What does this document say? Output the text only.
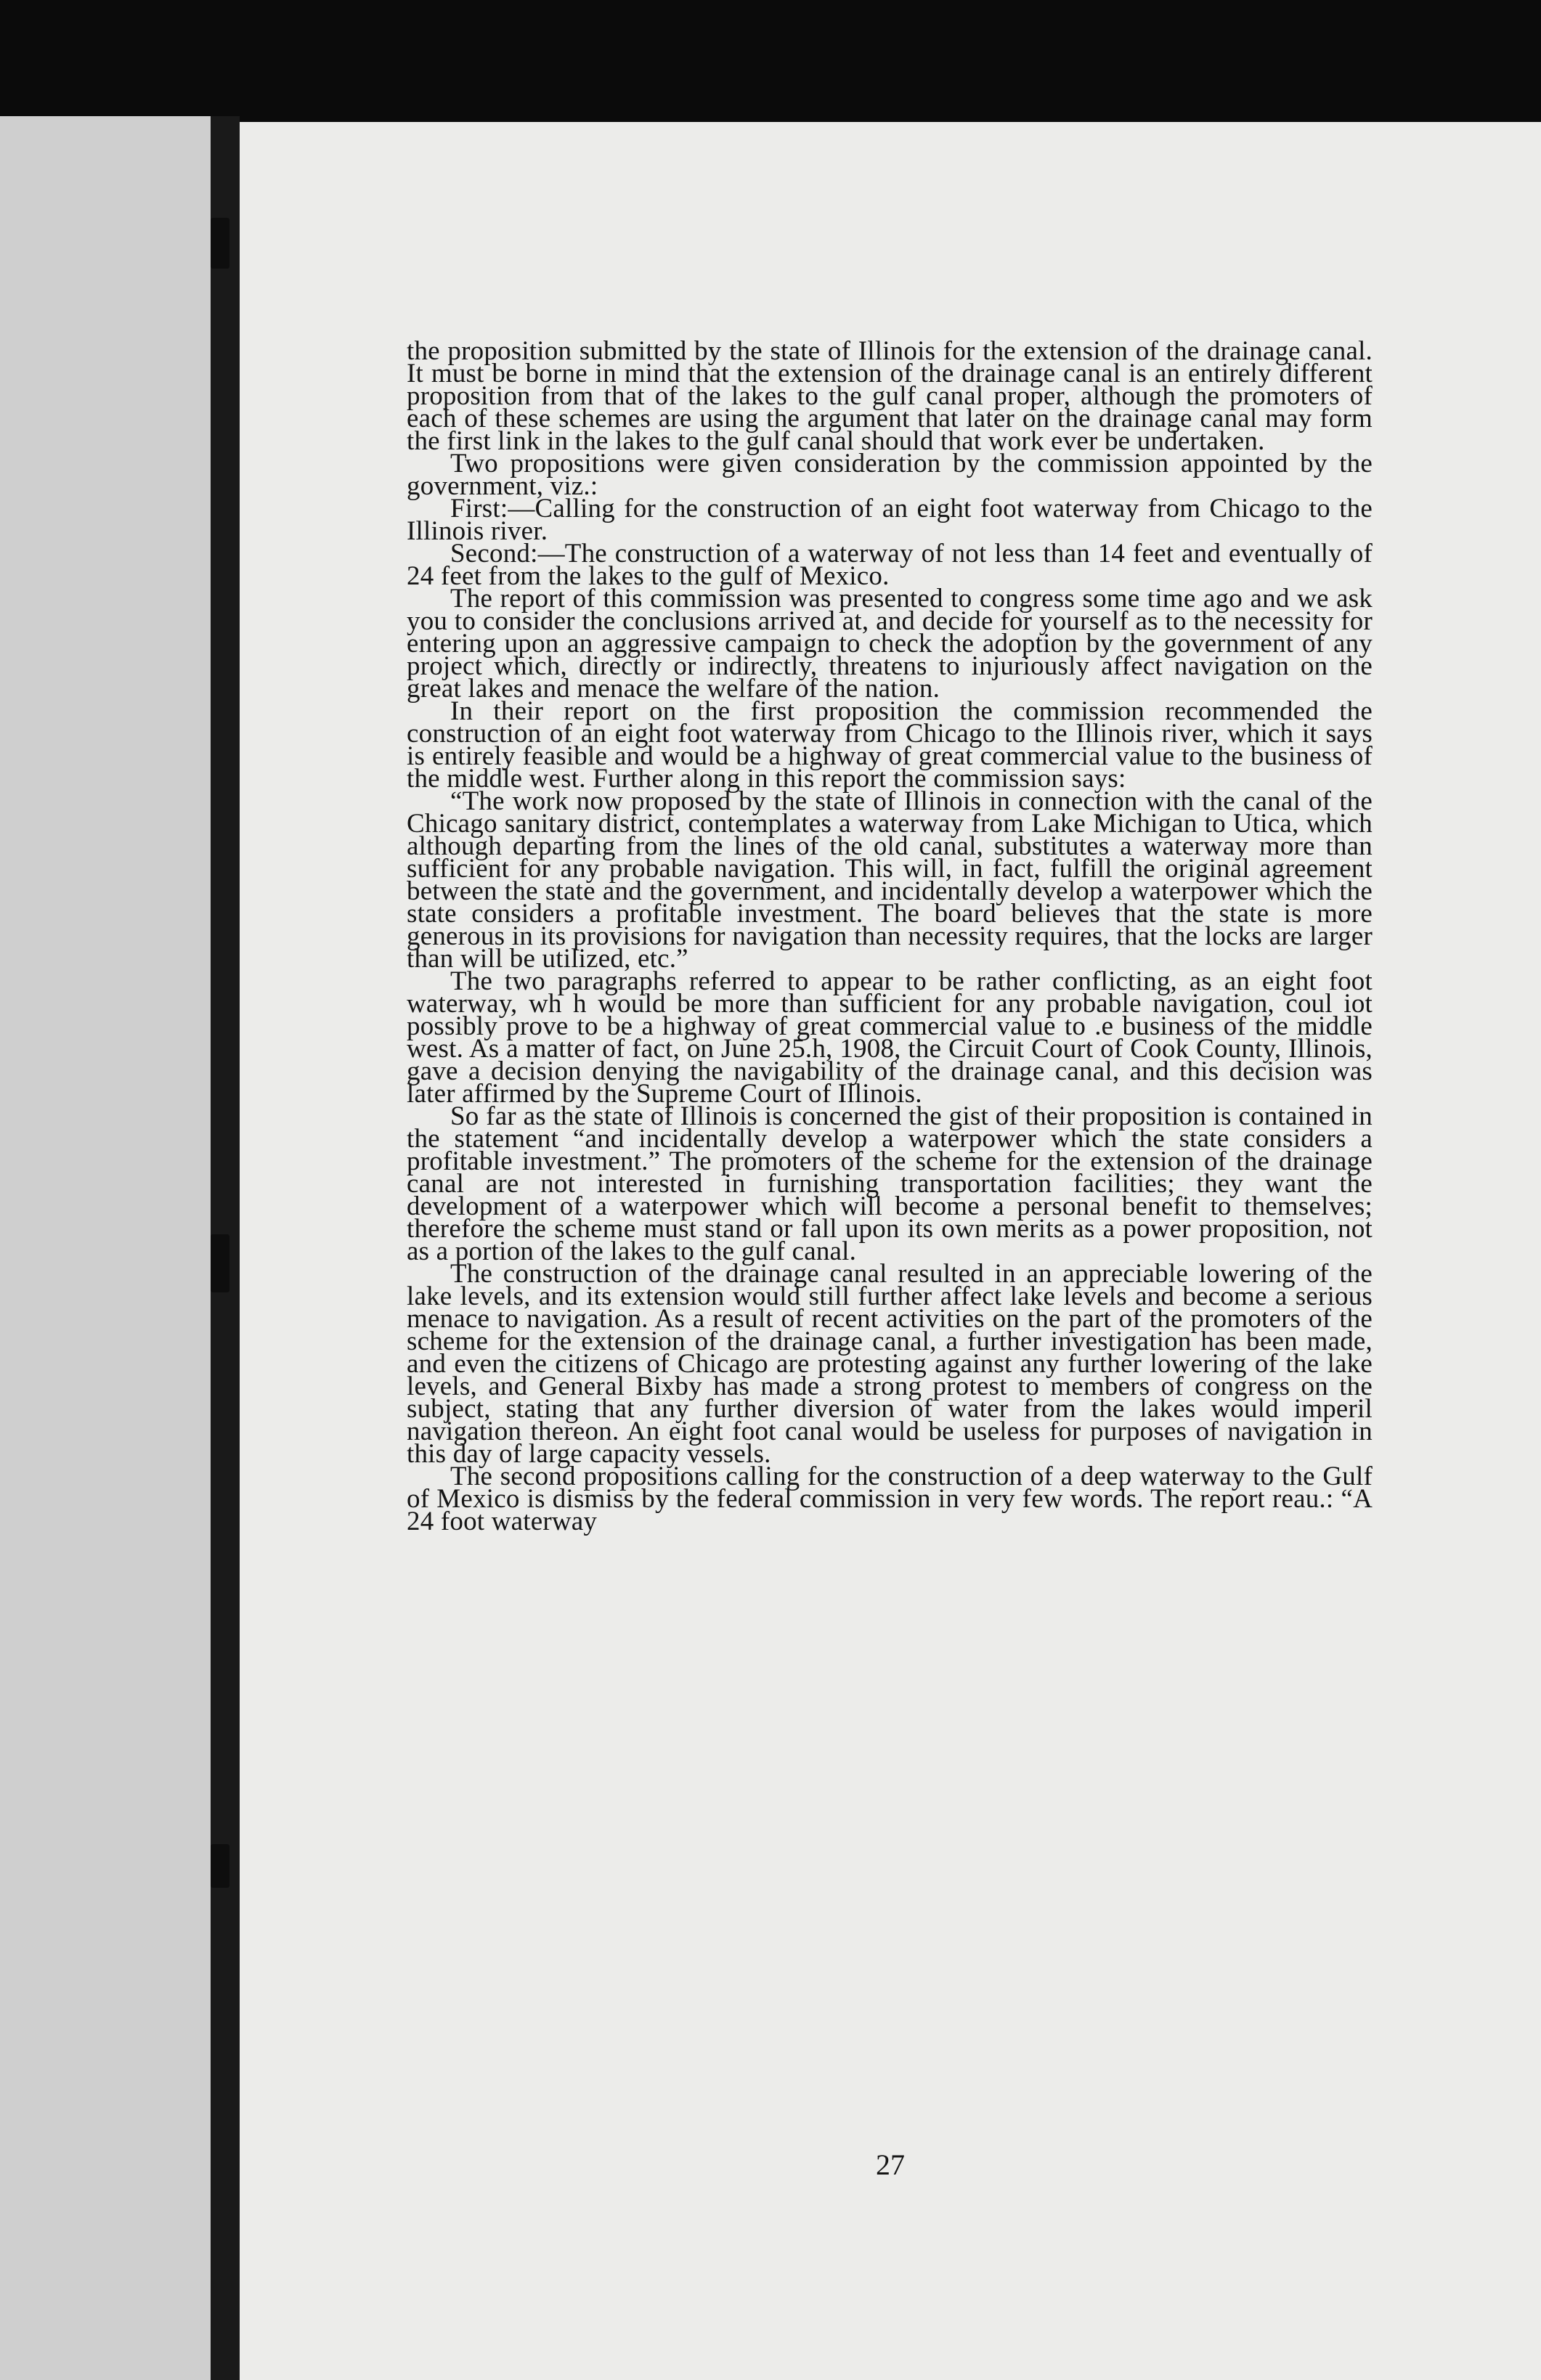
the proposition submitted by the state of Illinois for the extension of the drainage canal. It must be borne in mind that the extension of the drainage canal is an entirely different proposition from that of the lakes to the gulf canal proper, although the promoters of each of these schemes are using the argument that later on the drainage canal may form the first link in the lakes to the gulf canal should that work ever be undertaken.

Two propositions were given consideration by the commission appointed by the government, viz.:

First:—Calling for the construction of an eight foot waterway from Chicago to the Illinois river.

Second:—The construction of a waterway of not less than 14 feet and eventually of 24 feet from the lakes to the gulf of Mexico.

The report of this commission was presented to congress some time ago and we ask you to consider the conclusions arrived at, and decide for yourself as to the necessity for entering upon an aggressive campaign to check the adoption by the government of any project which, directly or indirectly, threatens to injuriously affect navigation on the great lakes and menace the welfare of the nation.

In their report on the first proposition the commission recommended the construction of an eight foot waterway from Chicago to the Illinois river, which it says is entirely feasible and would be a highway of great commercial value to the business of the middle west. Further along in this report the commission says:

“The work now proposed by the state of Illinois in connection with the canal of the Chicago sanitary district, contemplates a waterway from Lake Michigan to Utica, which although departing from the lines of the old canal, substitutes a waterway more than sufficient for any probable navigation. This will, in fact, fulfill the original agreement between the state and the government, and incidentally develop a waterpower which the state considers a profitable investment. The board believes that the state is more generous in its provisions for navigation than necessity requires, that the locks are larger than will be utilized, etc.”

The two paragraphs referred to appear to be rather conflicting, as an eight foot waterway, wh h would be more than sufficient for any probable navigation, coul iot possibly prove to be a highway of great commercial value to .e business of the middle west. As a matter of fact, on June 25.h, 1908, the Circuit Court of Cook County, Illinois, gave a decision denying the navigability of the drainage canal, and this decision was later affirmed by the Supreme Court of Illinois.

So far as the state of Illinois is concerned the gist of their proposition is contained in the statement “and incidentally develop a waterpower which the state considers a profitable investment.” The promoters of the scheme for the extension of the drainage canal are not interested in furnishing transportation facilities; they want the development of a waterpower which will become a personal benefit to themselves; therefore the scheme must stand or fall upon its own merits as a power proposition, not as a portion of the lakes to the gulf canal.

The construction of the drainage canal resulted in an appreciable lowering of the lake levels, and its extension would still further affect lake levels and become a serious menace to navigation. As a result of recent activities on the part of the promoters of the scheme for the extension of the drainage canal, a further investigation has been made, and even the citizens of Chicago are protesting against any further lowering of the lake levels, and General Bixby has made a strong protest to members of congress on the subject, stating that any further diversion of water from the lakes would imperil navigation thereon. An eight foot canal would be useless for purposes of navigation in this day of large capacity vessels.

The second propositions calling for the construction of a deep waterway to the Gulf of Mexico is dismiss by the federal commission in very few words. The report reau.: “A 24 foot waterway

27
